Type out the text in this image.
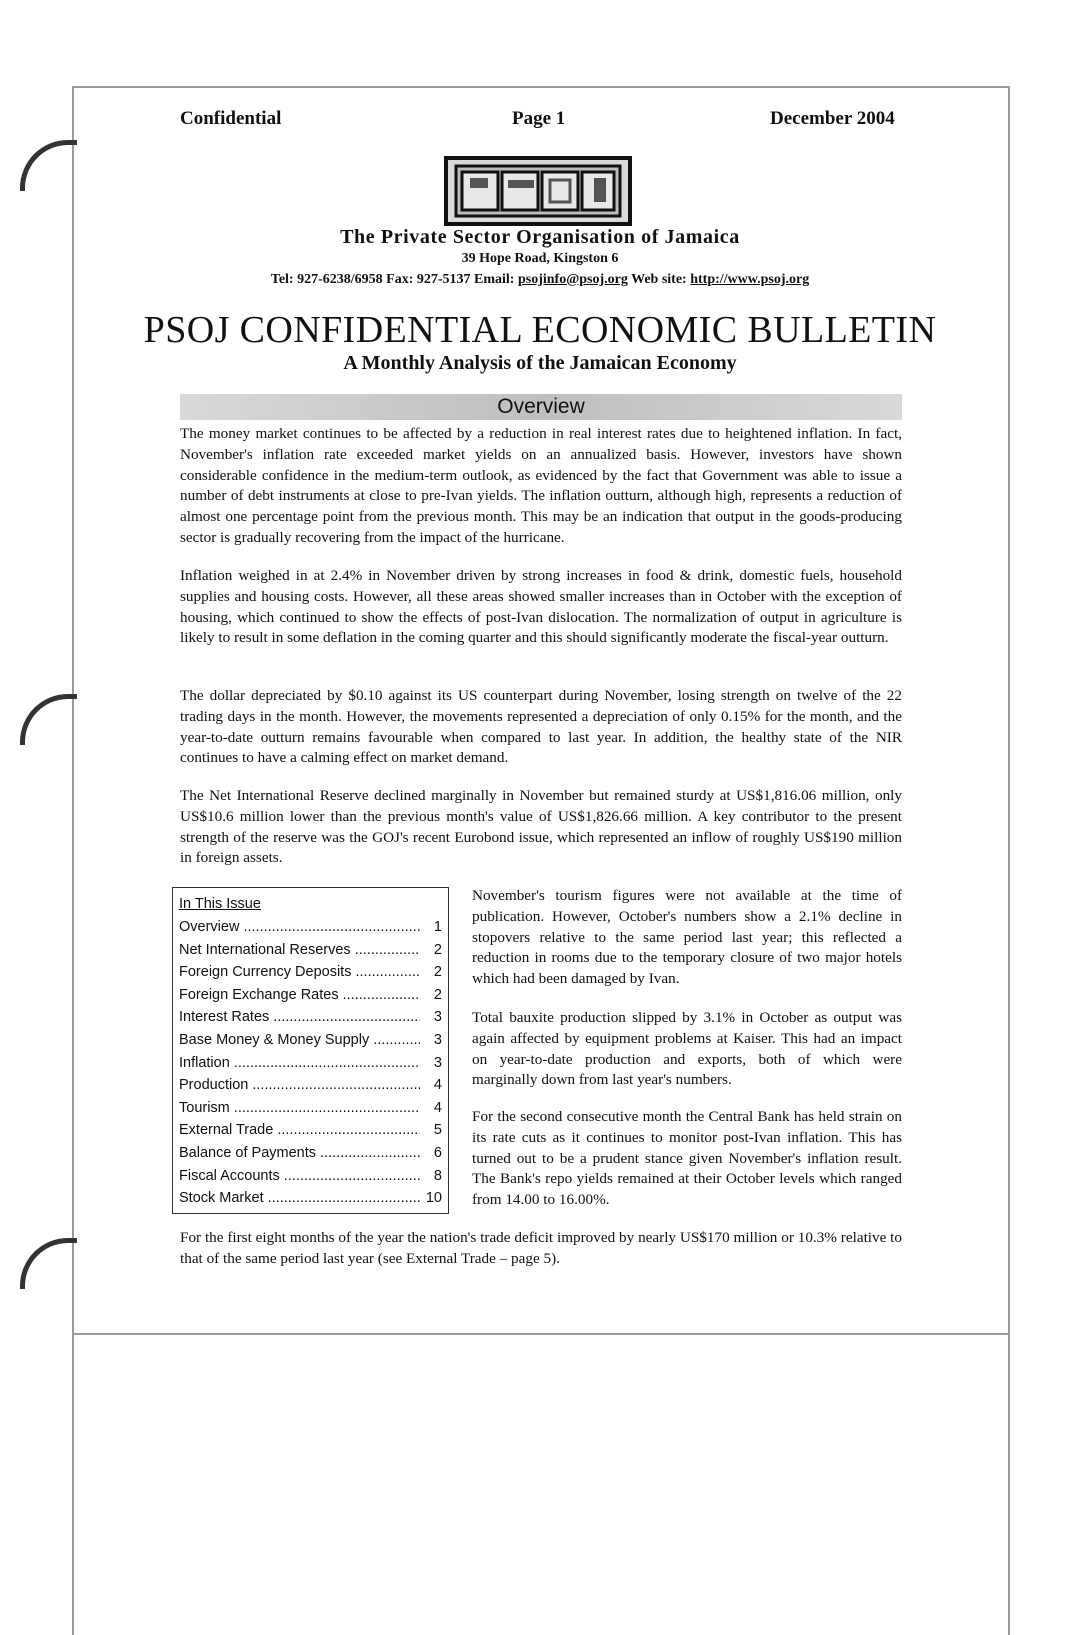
Confidential	Page 1	December 2004
The Private Sector Organisation of Jamaica
39 Hope Road, Kingston 6
Tel: 927-6238/6958 Fax: 927-5137 Email: psojinfo@psoj.org Web site: http://www.psoj.org
PSOJ CONFIDENTIAL ECONOMIC BULLETIN
A Monthly Analysis of the Jamaican Economy
Overview

The money market continues to be affected by a reduction in real interest rates due to heightened inflation. In fact, November's inflation rate exceeded market yields on an annualized basis. However, investors have shown considerable confidence in the medium-term outlook, as evidenced by the fact that Government was able to issue a number of debt instruments at close to pre-Ivan yields. The inflation outturn, although high, represents a reduction of almost one percentage point from the previous month. This may be an indication that output in the goods-producing sector is gradually recovering from the impact of the hurricane.

Inflation weighed in at 2.4% in November driven by strong increases in food & drink, domestic fuels, household supplies and housing costs. However, all these areas showed smaller increases than in October with the exception of housing, which continued to show the effects of post-Ivan dislocation. The normalization of output in agriculture is likely to result in some deflation in the coming quarter and this should significantly moderate the fiscal-year outturn.

The dollar depreciated by $0.10 against its US counterpart during November, losing strength on twelve of the 22 trading days in the month. However, the movements represented a depreciation of only 0.15% for the month, and the year-to-date outturn remains favourable when compared to last year. In addition, the healthy state of the NIR continues to have a calming effect on market demand.

The Net International Reserve declined marginally in November but remained sturdy at US$1,816.06 million, only US$10.6 million lower than the previous month's value of US$1,826.66 million. A key contributor to the present strength of the reserve was the GOJ's recent Eurobond issue, which represented an inflow of roughly US$190 million in foreign assets.

In This Issue
Overview .....	1
Net International Reserves .....	2
Foreign Currency Deposits .....	2
Foreign Exchange Rates .....	2
Interest Rates .....	3
Base Money & Money Supply .....	3
Inflation .....	3
Production .....	4
Tourism .....	4
External Trade .....	5
Balance of Payments .....	6
Fiscal Accounts .....	8
Stock Market .....	10

November's tourism figures were not available at the time of publication. However, October's numbers show a 2.1% decline in stopovers relative to the same period last year; this reflected a reduction in rooms due to the temporary closure of two major hotels which had been damaged by Ivan.

Total bauxite production slipped by 3.1% in October as output was again affected by equipment problems at Kaiser. This had an impact on year-to-date production and exports, both of which were marginally down from last year's numbers.

For the second consecutive month the Central Bank has held strain on its rate cuts as it continues to monitor post-Ivan inflation. This has turned out to be a prudent stance given November's inflation result. The Bank's repo yields remained at their October levels which ranged from 14.00 to 16.00%.

For the first eight months of the year the nation's trade deficit improved by nearly US$170 million or 10.3% relative to that of the same period last year (see External Trade – page 5).
